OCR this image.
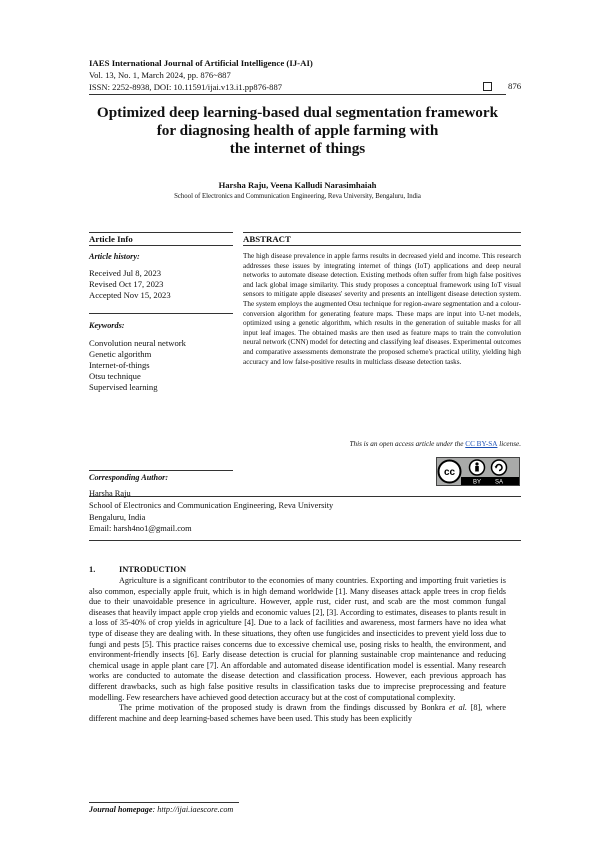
IAES International Journal of Artificial Intelligence (IJ-AI)
Vol. 13, No. 1, March 2024, pp. 876~887
ISSN: 2252-8938, DOI: 10.11591/ijai.v13.i1.pp876-887	876
Optimized deep learning-based dual segmentation framework
for diagnosing health of apple farming with
the internet of things
Harsha Raju, Veena Kalludi Narasimhaiah
School of Electronics and Communication Engineering, Reva University, Bengaluru, India
Article Info	ABSTRACT
Article history:
Received Jul 8, 2023
Revised Oct 17, 2023
Accepted Nov 15, 2023
Keywords:
Convolution neural network
Genetic algorithm
Internet-of-things
Otsu technique
Supervised learning
The high disease prevalence in apple farms results in decreased yield and income. This research addresses these issues by integrating internet of things (IoT) applications and deep neural networks to automate disease detection. Existing methods often suffer from high false positives and lack global image similarity. This study proposes a conceptual framework using IoT visual sensors to mitigate apple diseases' severity and presents an intelligent disease detection system. The system employs the augmented Otsu technique for region-aware segmentation and a colour-conversion algorithm for generating feature maps. These maps are input into U-net models, optimized using a genetic algorithm, which results in the generation of suitable masks for all input leaf images. The obtained masks are then used as feature maps to train the convolution neural network (CNN) model for detecting and classifying leaf diseases. Experimental outcomes and comparative assessments demonstrate the proposed scheme's practical utility, yielding high accuracy and low false-positive results in multiclass disease detection tasks.
This is an open access article under the CC BY-SA license.
cc
BY SA
Corresponding Author:
Harsha Raju
School of Electronics and Communication Engineering, Reva University
Bengaluru, India
Email: harsh4no1@gmail.com
1.	INTRODUCTION

Agriculture is a significant contributor to the economies of many countries. Exporting and importing fruit varieties is also common, especially apple fruit, which is in high demand worldwide [1]. Many diseases attack apple trees in crop fields due to their unavoidable presence in agriculture. However, apple rust, cider rust, and scab are the most common fungal diseases that heavily impact apple crop yields and economic values [2], [3]. According to estimates, diseases to plants result in a loss of 35-40% of crop yields in agriculture [4]. Due to a lack of facilities and awareness, most farmers have no idea what type of disease they are dealing with. In these situations, they often use fungicides and insecticides to prevent yield loss due to fungi and pests [5]. This practice raises concerns due to excessive chemical use, posing risks to health, the environment, and environment-friendly insects [6]. Early disease detection is crucial for planning sustainable crop maintenance and reducing chemical usage in apple plant care [7]. An affordable and automated disease identification model is essential. Many research works are conducted to automate the disease detection and classification process. However, each previous approach has different drawbacks, such as high false positive results in classification tasks due to imprecise preprocessing and feature modelling. Few researchers have achieved good detection accuracy but at the cost of computational complexity.

The prime motivation of the proposed study is drawn from the findings discussed by Bonkra et al. [8], where different machine and deep learning-based schemes have been used. This study has been explicitly

Journal homepage: http://ijai.iaescore.com
